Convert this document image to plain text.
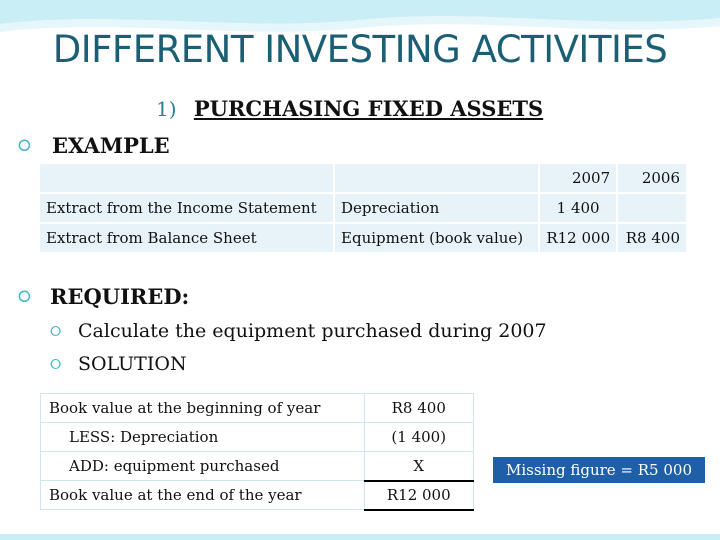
DIFFERENT INVESTING ACTIVITIES
1) PURCHASING FIXED ASSETS
⭘ EXAMPLE
		2007	2006
Extract from the Income Statement	Depreciation	1 400	
Extract from Balance Sheet	Equipment (book value)	R12 000	R8 400
⭘ REQUIRED:
⭘ Calculate the equipment purchased during 2007
⭘ SOLUTION
Book value at the beginning of year	R8 400
LESS: Depreciation	(1 400)
ADD: equipment purchased	X
Book value at the end of the year	R12 000
Missing figure = R5 000
